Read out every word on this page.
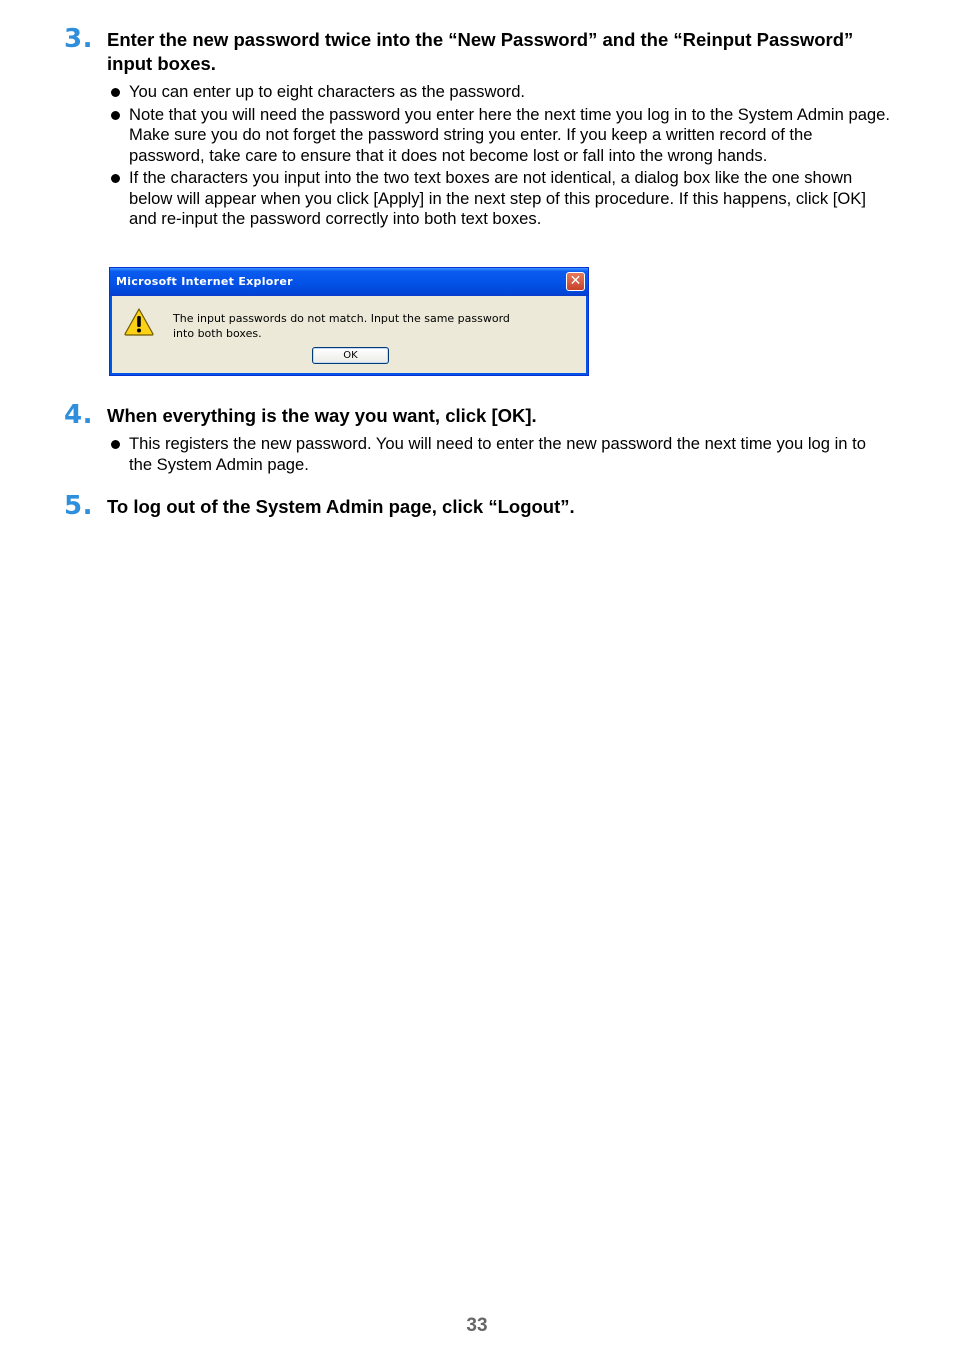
3. Enter the new password twice into the “New Password” and the “Reinput Password” input boxes.

You can enter up to eight characters as the password.
Note that you will need the password you enter here the next time you log in to the System Admin page. Make sure you do not forget the password string you enter. If you keep a written record of the password, take care to ensure that it does not become lost or fall into the wrong hands.
If the characters you input into the two text boxes are not identical, a dialog box like the one shown below will appear when you click [Apply] in the next step of this procedure. If this happens, click [OK] and re-input the password correctly into both text boxes.
Microsoft Internet Explorer	✕
The input passwords do not match. Input the same password
into both boxes.
OK
4. When everything is the way you want, click [OK].

This registers the new password. You will need to enter the new password the next time you log in to the System Admin page.
5. To log out of the System Admin page, click “Logout”.

33
